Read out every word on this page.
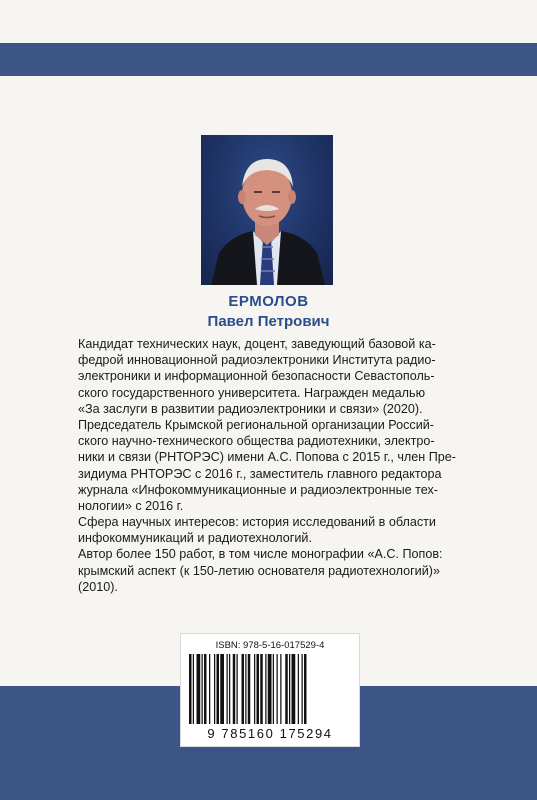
ЕРМОЛОВ
Павел Петрович
Кандидат технических наук, доцент, заведующий базовой ка-
федрой инновационной радиоэлектроники Института радио-
электроники и информационной безопасности Севастополь-
ского государственного университета. Награжден медалью
«За заслуги в развитии радиоэлектроники и связи» (2020).
Председатель Крымской региональной организации Россий-
ского научно-технического общества радиотехники, электро-
ники и связи (РНТОРЭС) имени А.С. Попова с 2015 г., член Пре-
зидиума РНТОРЭС с 2016 г., заместитель главного редактора
журнала «Инфокоммуникационные и радиоэлектронные тех-
нологии» с 2016 г.
Сфера научных интересов: история исследований в области
инфокоммуникаций и радиотехнологий.
Автор более 150 работ, в том числе монографии «А.С. Попов:
крымский аспект (к 150-летию основателя радиотехнологий)»
(2010).
ISBN: 978-5-16-017529-4
9 785160 175294
